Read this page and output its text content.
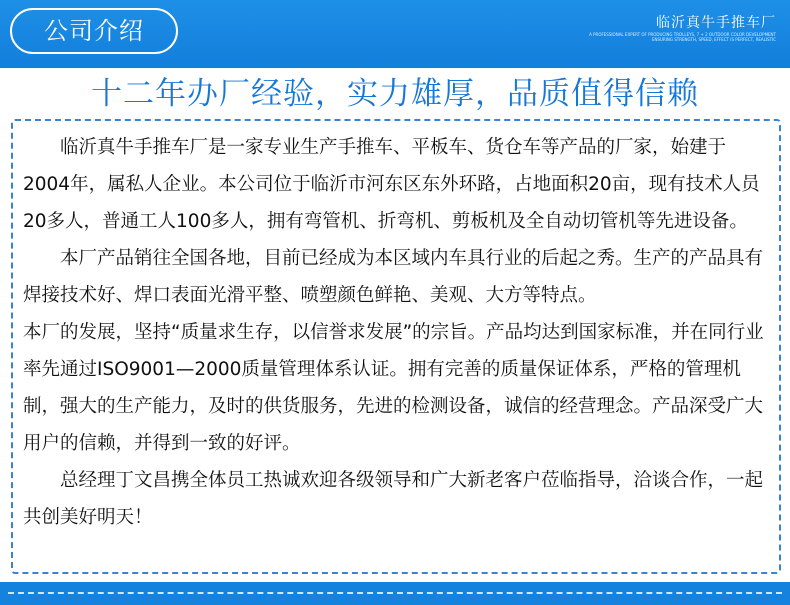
公司介绍	临沂真牛手推车厂
A PROFESSIONAL EXPERT OF PRODUCING TROLLEYS, 7 + 2 OUTDOOR COLOR DEVELOPMENT
ENSURING STRENGTH, SPEED, EFFECT IS PERFECT, REALISTIC
十二年办厂经验，实力雄厚，品质值得信赖

临沂真牛手推车厂是一家专业生产手推车、平板车、货仓车等产品的厂家，始建于2004年，属私人企业。本公司位于临沂市河东区东外环路，占地面积20亩，现有技术人员20多人，普通工人100多人，拥有弯管机、折弯机、剪板机及全自动切管机等先进设备。

本厂产品销往全国各地，目前已经成为本区域内车具行业的后起之秀。生产的产品具有焊接技术好、焊口表面光滑平整、喷塑颜色鲜艳、美观、大方等特点。

本厂的发展，坚持“质量求生存，以信誉求发展”的宗旨。产品均达到国家标准，并在同行业率先通过ISO9001—2000质量管理体系认证。拥有完善的质量保证体系，严格的管理机制，强大的生产能力，及时的供货服务，先进的检测设备，诚信的经营理念。产品深受广大用户的信赖，并得到一致的好评。

总经理丁文昌携全体员工热诚欢迎各级领导和广大新老客户莅临指导，洽谈合作，一起共创美好明天！
